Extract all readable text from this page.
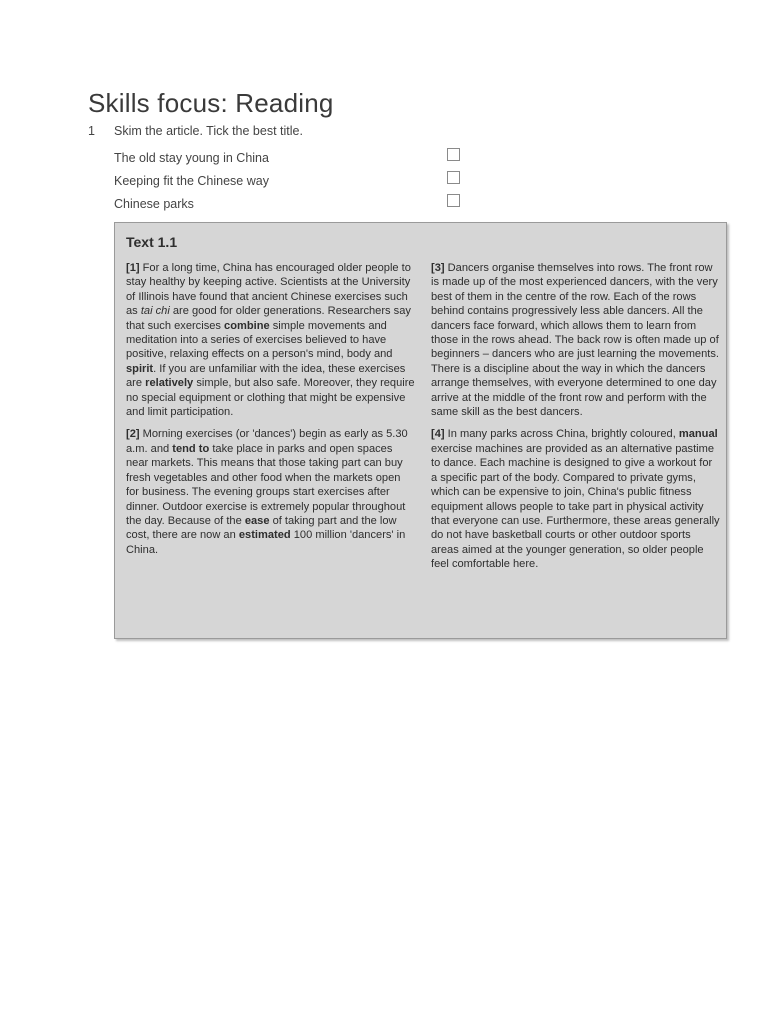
Skills focus: Reading
1 Skim the article. Tick the best title.
The old stay young in China
Keeping fit the Chinese way
Chinese parks
Text 1.1

[1] For a long time, China has encouraged older people to stay healthy by keeping active. Scientists at the University of Illinois have found that ancient Chinese exercises such as tai chi are good for older generations. Researchers say that such exercises combine simple movements and meditation into a series of exercises believed to have positive, relaxing effects on a person's mind, body and spirit. If you are unfamiliar with the idea, these exercises are relatively simple, but also safe. Moreover, they require no special equipment or clothing that might be expensive and limit participation.

[2] Morning exercises (or 'dances') begin as early as 5.30 a.m. and tend to take place in parks and open spaces near markets. This means that those taking part can buy fresh vegetables and other food when the markets open for business. The evening groups start exercises after dinner. Outdoor exercise is extremely popular throughout the day. Because of the ease of taking part and the low cost, there are now an estimated 100 million 'dancers' in China.

[3] Dancers organise themselves into rows. The front row is made up of the most experienced dancers, with the very best of them in the centre of the row. Each of the rows behind contains progressively less able dancers. All the dancers face forward, which allows them to learn from those in the rows ahead. The back row is often made up of beginners – dancers who are just learning the movements. There is a discipline about the way in which the dancers arrange themselves, with everyone determined to one day arrive at the middle of the front row and perform with the same skill as the best dancers.

[4] In many parks across China, brightly coloured, manual exercise machines are provided as an alternative pastime to dance. Each machine is designed to give a workout for a specific part of the body. Compared to private gyms, which can be expensive to join, China's public fitness equipment allows people to take part in physical activity that everyone can use. Furthermore, these areas generally do not have basketball courts or other outdoor sports areas aimed at the younger generation, so older people feel comfortable here.
